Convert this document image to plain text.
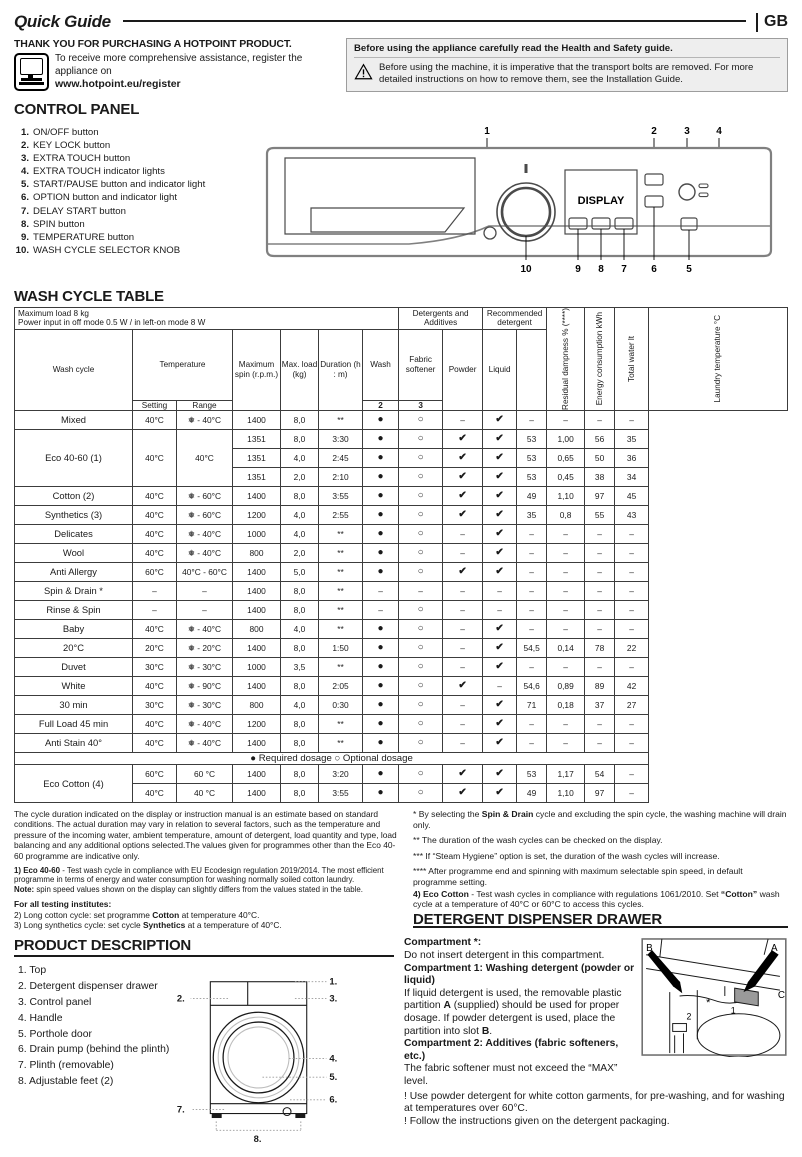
Quick Guide	GB
THANK YOU FOR PURCHASING A HOTPOINT PRODUCT.
To receive more comprehensive assistance, register the appliance on
www.hotpoint.eu/register
Before using the appliance carefully read the Health and Safety guide.
Before using the machine, it is imperative that the transport bolts are removed. For more detailed instructions on how to remove them, see the Installation Guide.
CONTROL PANEL
1. ON/OFF button
2. KEY LOCK button
3. EXTRA TOUCH button
4. EXTRA TOUCH indicator lights
5. START/PAUSE button and indicator light
6. OPTION button and indicator light
7. DELAY START button
8. SPIN button
9. TEMPERATURE button
10. WASH CYCLE SELECTOR KNOB
1	2	3	4
DISPLAY
10	9 8 7 6	5
WASH CYCLE TABLE
Maximum load 8 kg
Power input in off mode 0.5 W / in left-on mode 8 W							Detergents and Additives		Recommended detergent		Residual dampness % (****)	Energy consumption kWh	Total water lt	Laundry temperature °C

Wash cycle	Temperature		Maximum spin (r.p.m.)	Max. load (kg)	Duration (h : m)	Wash	Fabric softener	Powder	Liquid					
	Setting	Range				2	3							
Mixed	40°C	❅ - 40°C	1400	8,0	**	●	○	–	✔	–	–	–	–	
Eco 40-60 (1)	40°C	40°C	1351	8,0	3:30	●	○	✔	✔	53	1,00	56	35	
			1351	4,0	2:45	●	○	✔	✔	53	0,65	50	36	
			1351	2,0	2:10	●	○	✔	✔	53	0,45	38	34	
Cotton (2)	40°C	❅ - 60°C	1400	8,0	3:55	●	○	✔	✔	49	1,10	97	45	
Synthetics (3)	40°C	❅ - 60°C	1200	4,0	2:55	●	○	✔	✔	35	0,8	55	43	
Delicates	40°C	❅ - 40°C	1000	4,0	**	●	○	–	✔	–	–	–	–	
Wool	40°C	❅ - 40°C	800	2,0	**	●	○	–	✔	–	–	–	–	
Anti Allergy	60°C	40°C - 60°C	1400	5,0	**	●	○	✔	✔	–	–	–	–	
Spin & Drain *	–	–	1400	8,0	**	–	–	–	–	–	–	–	–	
Rinse & Spin	–	–	1400	8,0	**	–	○	–	–	–	–	–	–	
Baby	40°C	❅ - 40°C	800	4,0	**	●	○	–	✔	–	–	–	–	
20°C	20°C	❅ - 20°C	1400	8,0	1:50	●	○	–	✔	54,5	0,14	78	22	
Duvet	30°C	❅ - 30°C	1000	3,5	**	●	○	–	✔	–	–	–	–	
White	40°C	❅ - 90°C	1400	8,0	2:05	●	○	✔	–	54,6	0,89	89	42	
30 min	30°C	❅ - 30°C	800	4,0	0:30	●	○	–	✔	71	0,18	37	27	
Full Load 45 min	40°C	❅ - 40°C	1200	8,0	**	●	○	–	✔	–	–	–	–	
Anti Stain 40°	40°C	❅ - 40°C	1400	8,0	**	●	○	–	✔	–	–	–	–	
● Required dosage ○ Optional dosage														
Eco Cotton (4)	60°C	60 °C	1400	8,0	3:20	●	○	✔	✔	53	1,17	54	–	
	40°C	40 °C	1400	8,0	3:55	●	○	✔	✔	49	1,10	97	–	

The cycle duration indicated on the display or instruction manual is an estimate based on standard conditions. The actual duration may vary in relation to several factors, such as the temperature and pressure of the incoming water, ambient temperature, amount of detergent, load quantity and type, load balancing and any additional options selected.The values given for programmes other than the Eco 40-60 programme are indicative only.

1) Eco 40-60 - Test wash cycle in compliance with EU Ecodesign regulation 2019/2014. The most efficient programme in terms of energy and water consumption for washing normally soiled cotton laundry.
Note: spin speed values shown on the display can slightly differs from the values stated in the table.

For all testing institutes:
2) Long cotton cycle: set programme Cotton at temperature 40°C.
3) Long synthetics cycle: set cycle Synthetics at a temperature of 40°C.

* By selecting the Spin & Drain cycle and excluding the spin cycle, the washing machine will drain only.

** The duration of the wash cycles can be checked on the display.

*** If “Steam Hygiene” option is set, the duration of the wash cycles will increase.

**** After programme end and spinning with maximum selectable spin speed, in default programme setting.

4) Eco Cotton - Test wash cycles in compliance with regulations 1061/2010. Set “Cotton” wash cycle at a temperature of 40°C or 60°C to access this cycles.

DETERGENT DISPENSER DRAWER
PRODUCT DESCRIPTION
1. Top
2. Detergent dispenser drawer
3. Control panel
4. Handle
5. Porthole door
6. Drain pump (behind the plinth)
7. Plinth (removable)
8. Adjustable feet (2)
1.
2.	3.
4.
5.
6.
7.
8.
Compartment *:
Do not insert detergent in this compartment.
Compartment 1: Washing detergent (powder or liquid)
If liquid detergent is used, the removable plastic partition A (supplied) should be used for proper dosage. If powder detergent is used, place the partition into slot B.
Compartment 2: Additives (fabric softeners, etc.)
The fabric softener must not exceed the “MAX” level.
B	A
C
*
1
2
! Use powder detergent for white cotton garments, for pre-washing, and for washing at temperatures over 60°C.
! Follow the instructions given on the detergent packaging.
